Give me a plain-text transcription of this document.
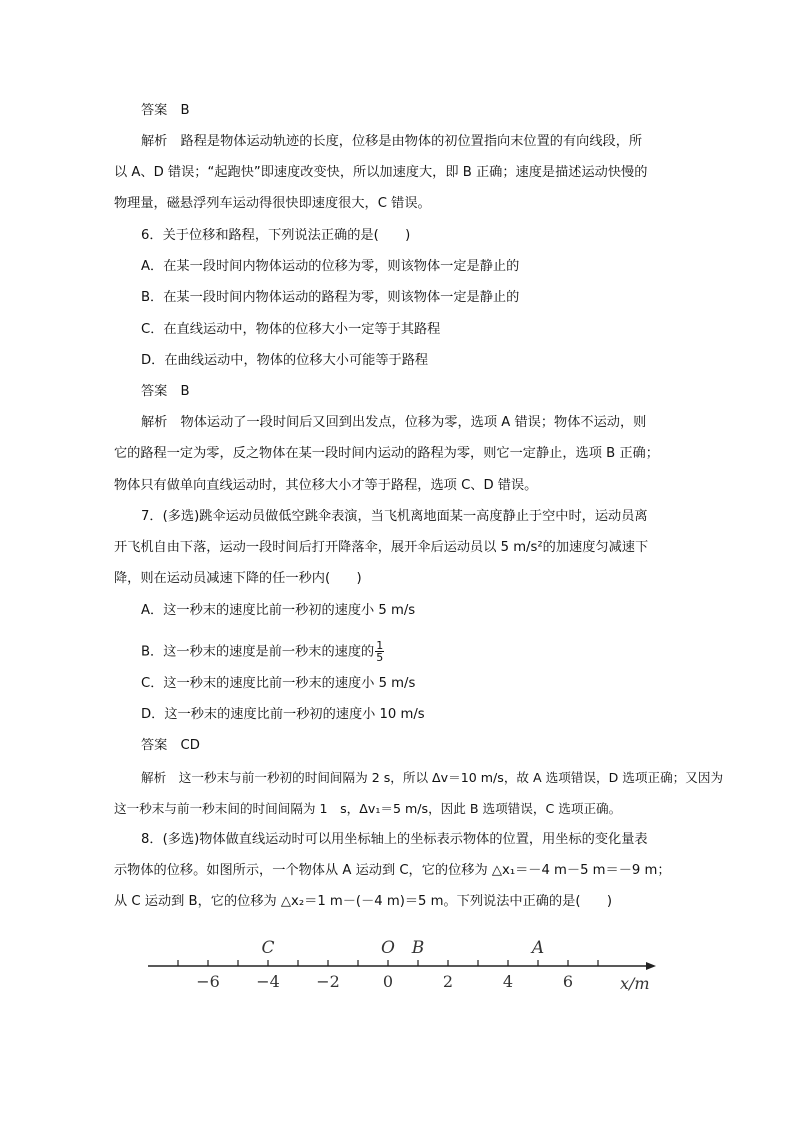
答案　B
解析　路程是物体运动轨迹的长度，位移是由物体的初位置指向末位置的有向线段，所
以 A、D 错误；“起跑快”即速度改变快，所以加速度大，即 B 正确；速度是描述运动快慢的
物理量，磁悬浮列车运动得很快即速度很大，C 错误。
6．关于位移和路程，下列说法正确的是(　　)
A．在某一段时间内物体运动的位移为零，则该物体一定是静止的
B．在某一段时间内物体运动的路程为零，则该物体一定是静止的
C．在直线运动中，物体的位移大小一定等于其路程
D．在曲线运动中，物体的位移大小可能等于路程
答案　B
解析　物体运动了一段时间后又回到出发点，位移为零，选项 A 错误；物体不运动，则
它的路程一定为零，反之物体在某一段时间内运动的路程为零，则它一定静止，选项 B 正确；
物体只有做单向直线运动时，其位移大小才等于路程，选项 C、D 错误。
7．(多选)跳伞运动员做低空跳伞表演，当飞机离地面某一高度静止于空中时，运动员离
开飞机自由下落，运动一段时间后打开降落伞，展开伞后运动员以 5 m/s²的加速度匀减速下
降，则在运动员减速下降的任一秒内(　　)
A．这一秒末的速度比前一秒初的速度小 5 m/s
B．这一秒末的速度是前一秒末的速度的 $\frac{1}{5}$
C．这一秒末的速度比前一秒末的速度小 5 m/s
D．这一秒末的速度比前一秒初的速度小 10 m/s
答案　CD
解析　这一秒末与前一秒初的时间间隔为 2 s，所以 Δv＝10 m/s，故 A 选项错误，D 选项正确；又因为
这一秒末与前一秒末间的时间间隔为 1　s，Δv₁＝5 m/s，因此 B 选项错误，C 选项正确。
8．(多选)物体做直线运动时可以用坐标轴上的坐标表示物体的位置，用坐标的变化量表
示物体的位移。如图所示，一个物体从 A 运动到 C，它的位移为 △x₁＝－4 m－5 m＝－9 m；
从 C 运动到 B，它的位移为 △x₂＝1 m－(－4 m)＝5 m。下列说法中正确的是(　　)
−6 −4 −2	0	2	4	6	x/m
C	O B	A
